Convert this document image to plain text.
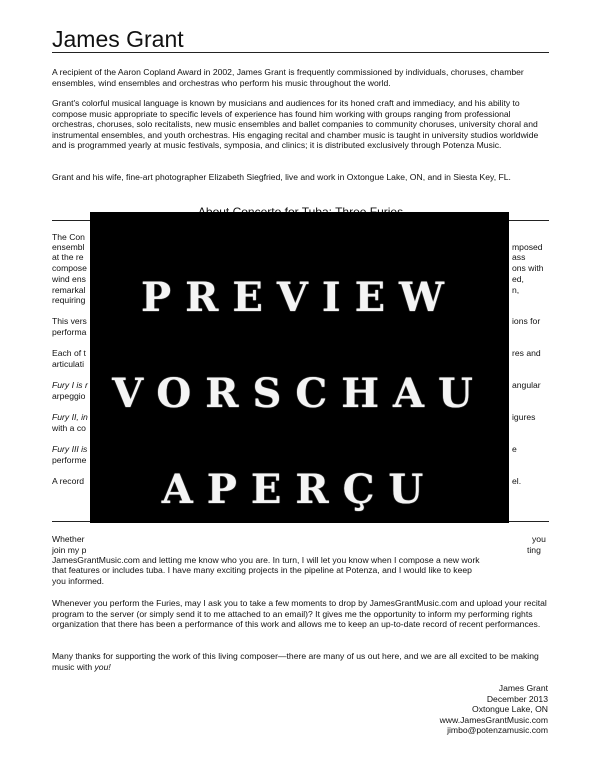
James Grant

A recipient of the Aaron Copland Award in 2002, James Grant is frequently commissioned by individuals, choruses, chamber ensembles, wind ensembles and orchestras who perform his music throughout the world.

Grant's colorful musical language is known by musicians and audiences for its honed craft and immediacy, and his ability to compose music appropriate to specific levels of experience has found him working with groups ranging from professional orchestras, choruses, solo recitalists, new music ensembles and ballet companies to community choruses, university choral and instrumental ensembles, and youth orchestras. His engaging recital and chamber music is taught in university studios worldwide and is programmed yearly at music festivals, symposia, and clinics; it is distributed exclusively through Potenza Music.

Grant and his wife, fine-art photographer Elizabeth Siegfried, live and work in Oxtongue Lake, ON, and in Siesta Key, FL.

The Con
ensembl	mposed
at the re	ass
compose	ons with
wind ens	ed,
remarkal	n,
requiring
This vers	ions for
performa
Each of t	res and
articulati
Fury I is r	angular
arpeggio
Fury II, in	igures
with a co
Fury III is	e
performe
A record	el.
Whether	you
join my p	ting
JamesGrantMusic.com and letting me know who you are. In turn, I will let you know when I compose a new work
that features or includes tuba. I have many exciting projects in the pipeline at Potenza, and I would like to keep
you informed.

Whenever you perform the Furies, may I ask you to take a few moments to drop by JamesGrantMusic.com and upload your recital program to the server (or simply send it to me attached to an email)? It gives me the opportunity to inform my performing rights organization that there has been a performance of this work and allows me to keep an up-to-date record of recent performances.

Many thanks for supporting the work of this living composer—there are many of us out here, and we are all excited to be making music with you!

James Grant
December 2013
Oxtongue Lake, ON
www.JamesGrantMusic.com
jimbo@potenzamusic.com
PREVIEW
VORSCHAU
APERÇU
